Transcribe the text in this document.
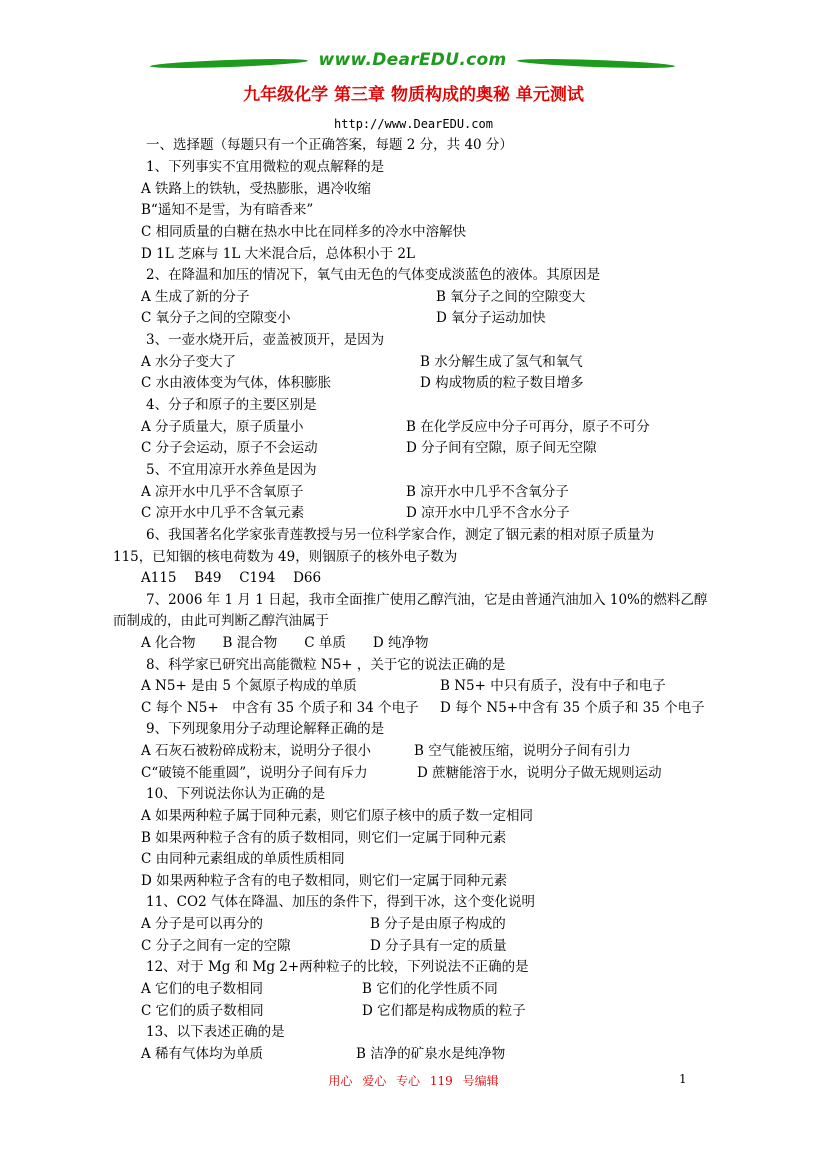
www.DearEDU.com
九年级化学 第三章 物质构成的奥秘 单元测试
http://www.DearEDU.com
一、选择题（每题只有一个正确答案，每题 2 分，共 40 分）
1、下列事实不宜用微粒的观点解释的是
A 铁路上的铁轨，受热膨胀，遇冷收缩
B“遥知不是雪，为有暗香来”
C 相同质量的白糖在热水中比在同样多的冷水中溶解快
D 1L 芝麻与 1L 大米混合后，总体积小于 2L
2、在降温和加压的情况下，氧气由无色的气体变成淡蓝色的液体。其原因是
A 生成了新的分子	B 氧分子之间的空隙变大
C 氧分子之间的空隙变小	D 氧分子运动加快
3、一壶水烧开后，壶盖被顶开，是因为
A 水分子变大了	B 水分解生成了氢气和氧气
C 水由液体变为气体，体积膨胀	D 构成物质的粒子数目增多
4、分子和原子的主要区别是
A 分子质量大，原子质量小	B 在化学反应中分子可再分，原子不可分
C 分子会运动，原子不会运动	D 分子间有空隙，原子间无空隙
5、不宜用凉开水养鱼是因为
A 凉开水中几乎不含氧原子	B 凉开水中几乎不含氧分子
C 凉开水中几乎不含氧元素	D 凉开水中几乎不含水分子
6、我国著名化学家张青莲教授与另一位科学家合作，测定了铟元素的相对原子质量为
115，已知铟的核电荷数为 49，则铟原子的核外电子数为
A115　 B49　 C194　 D66
7、2006 年 1 月 1 日起，我市全面推广使用乙醇汽油，它是由普通汽油加入 10%的燃料乙醇
而制成的，由此可判断乙醇汽油属于
A 化合物　　B 混合物　　C 单质　　D 纯净物
8、科学家已研究出高能微粒 N5+ ，关于它的说法正确的是
A N5+ 是由 5 个氮原子构成的单质	B N5+ 中只有质子，没有中子和电子
C 每个 N5+　中含有 35 个质子和 34 个电子 D 每个 N5+中含有 35 个质子和 35 个电子
9、下列现象用分子动理论解释正确的是
A 石灰石被粉碎成粉末，说明分子很小	B 空气能被压缩，说明分子间有引力
C“破镜不能重圆”，说明分子间有斥力	D 蔗糖能溶于水，说明分子做无规则运动
10、下列说法你认为正确的是
A 如果两种粒子属于同种元素，则它们原子核中的质子数一定相同
B 如果两种粒子含有的质子数相同，则它们一定属于同种元素
C 由同种元素组成的单质性质相同
D 如果两种粒子含有的电子数相同，则它们一定属于同种元素
11、CO2 气体在降温、加压的条件下，得到干冰，这个变化说明
A 分子是可以再分的	B 分子是由原子构成的
C 分子之间有一定的空隙	D 分子具有一定的质量
12、对于 Mg 和 Mg 2+两种粒子的比较，下列说法不正确的是
A 它们的电子数相同	B 它们的化学性质不同
C 它们的质子数相同	D 它们都是构成物质的粒子
13、以下表述正确的是
A 稀有气体均为单质	B 洁净的矿泉水是纯净物
用心 爱心 专心 119 号编辑	1
